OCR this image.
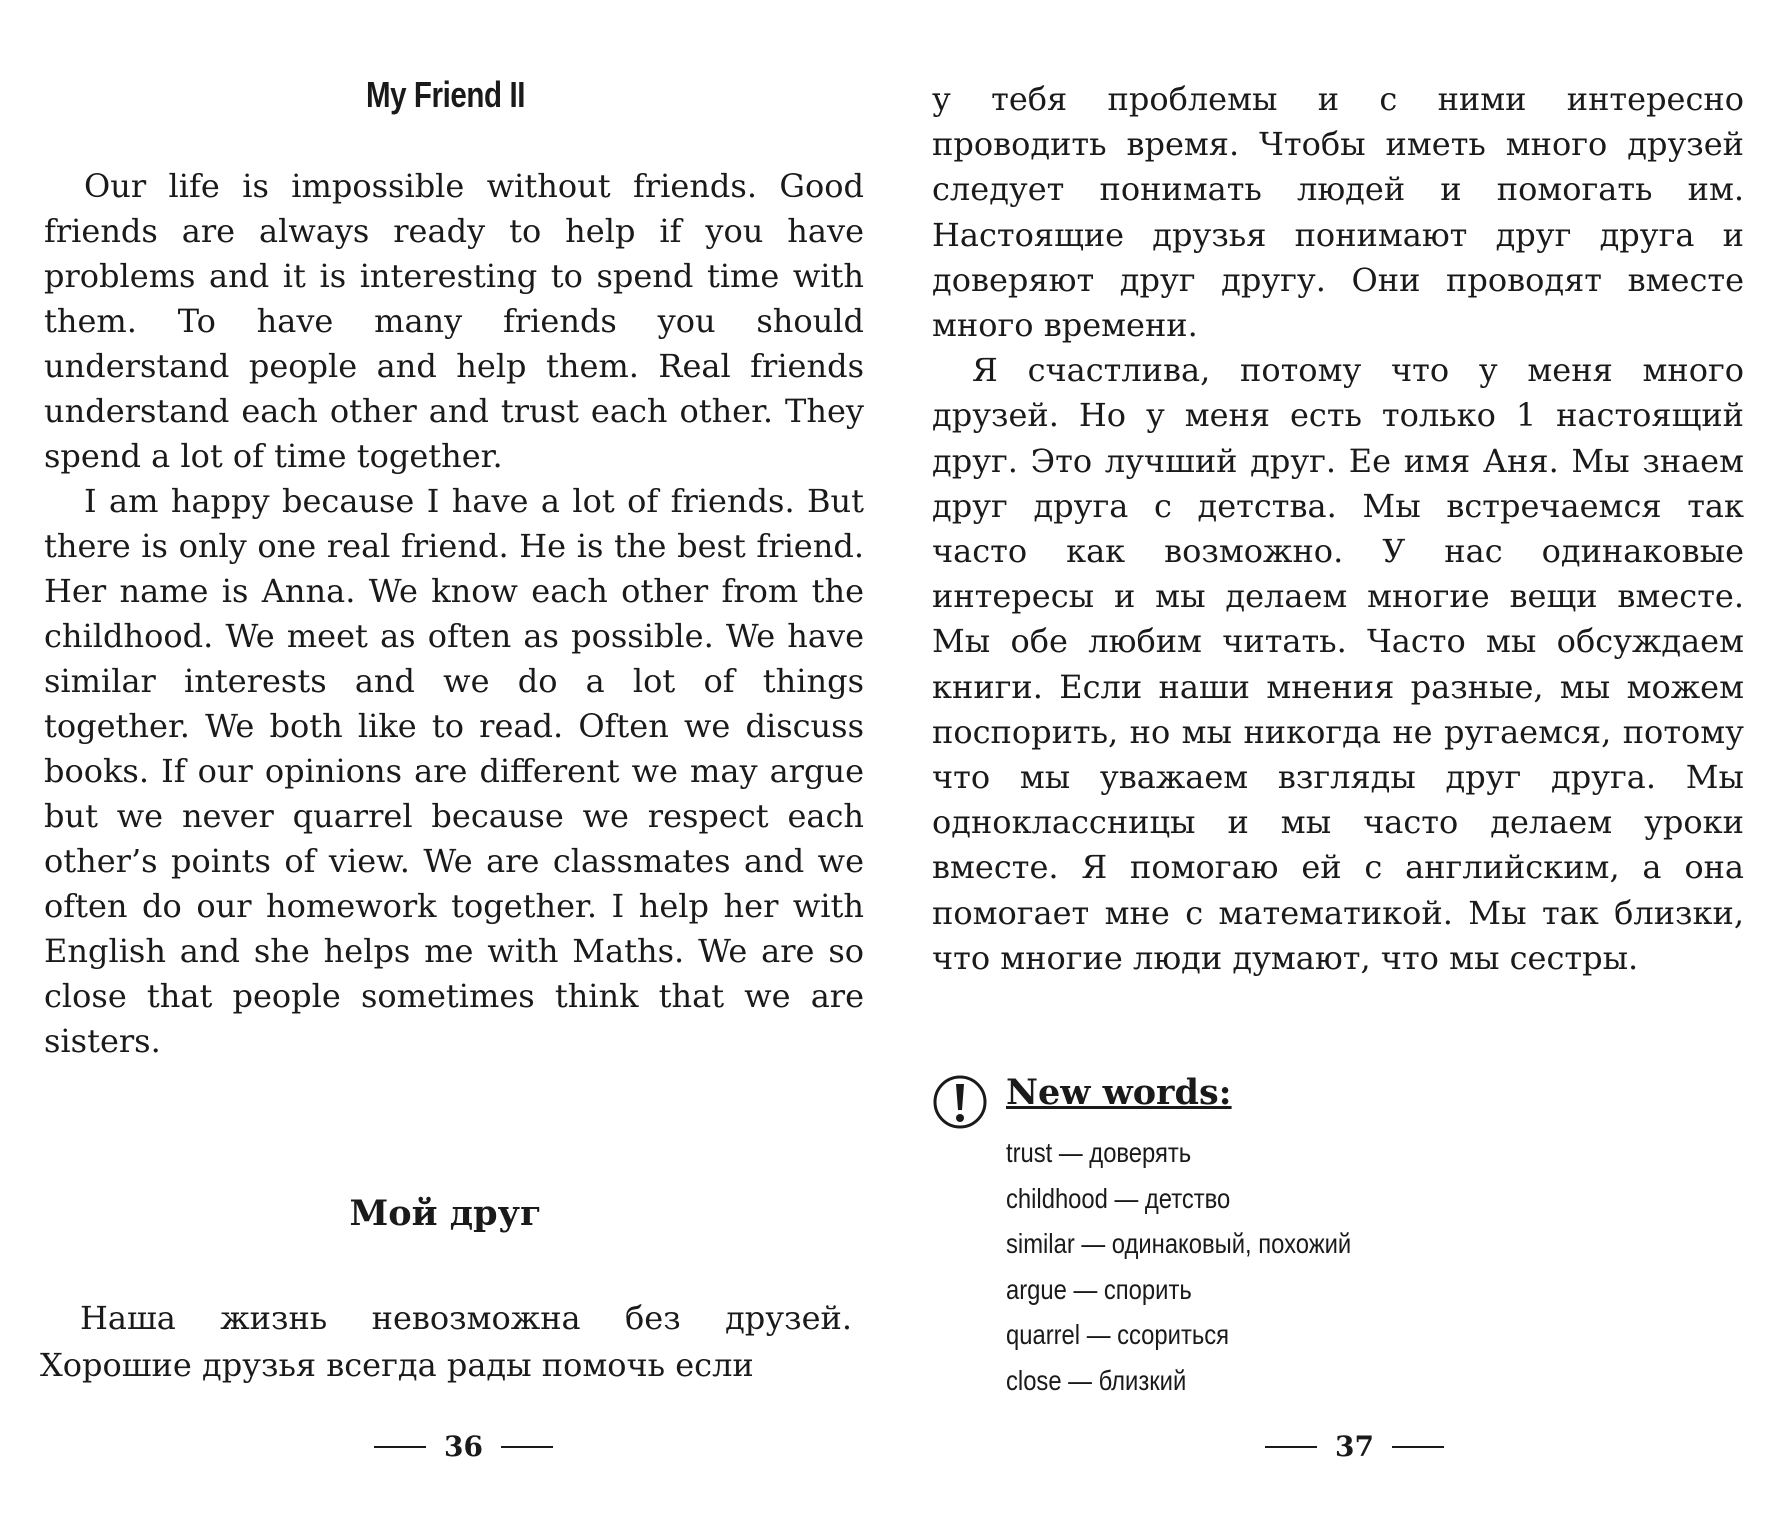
My Friend II

Our life is impossible without friends. Good friends are always ready to help if you have problems and it is interesting to spend time with them. To have many friends you should understand people and help them. Real friends understand each other and trust each other. They spend a lot of time together.

I am happy because I have a lot of friends. But there is only one real friend. He is the best friend. Her name is Anna. We know each other from the childhood. We meet as often as possible. We have similar interests and we do a lot of things together. We both like to read. Often we discuss books. If our opinions are different we may argue but we never quarrel because we respect each other’s points of view. We are classmates and we often do our homework together. I help her with English and she helps me with Maths. We are so close that people sometimes think that we are sisters.

Мой друг

Наша жизнь невозможна без друзей. Хорошие друзья всегда рады помочь если

36

у тебя проблемы и с ними интересно проводить время. Чтобы иметь много друзей следует понимать людей и помогать им. Настоящие друзья понимают друг друга и доверяют друг другу. Они проводят вместе много времени.

Я счастлива, потому что у меня много друзей. Но у меня есть только 1 настоящий друг. Это лучший друг. Ее имя Аня. Мы знаем друг друга с детства. Мы встречаемся так часто как возможно. У нас одинаковые интересы и мы делаем многие вещи вместе. Мы обе любим читать. Часто мы обсуждаем книги. Если наши мнения разные, мы можем поспорить, но мы никогда не ругаемся, потому что мы уважаем взгляды друг друга. Мы одноклассницы и мы часто делаем уроки вместе. Я помогаю ей с английским, а она помогает мне с математикой. Мы так близки, что многие люди думают, что мы сестры.

New words:
trust — доверять
childhood — детство
similar — одинаковый, похожий
argue — спорить
quarrel — ссориться
close — близкий
37
